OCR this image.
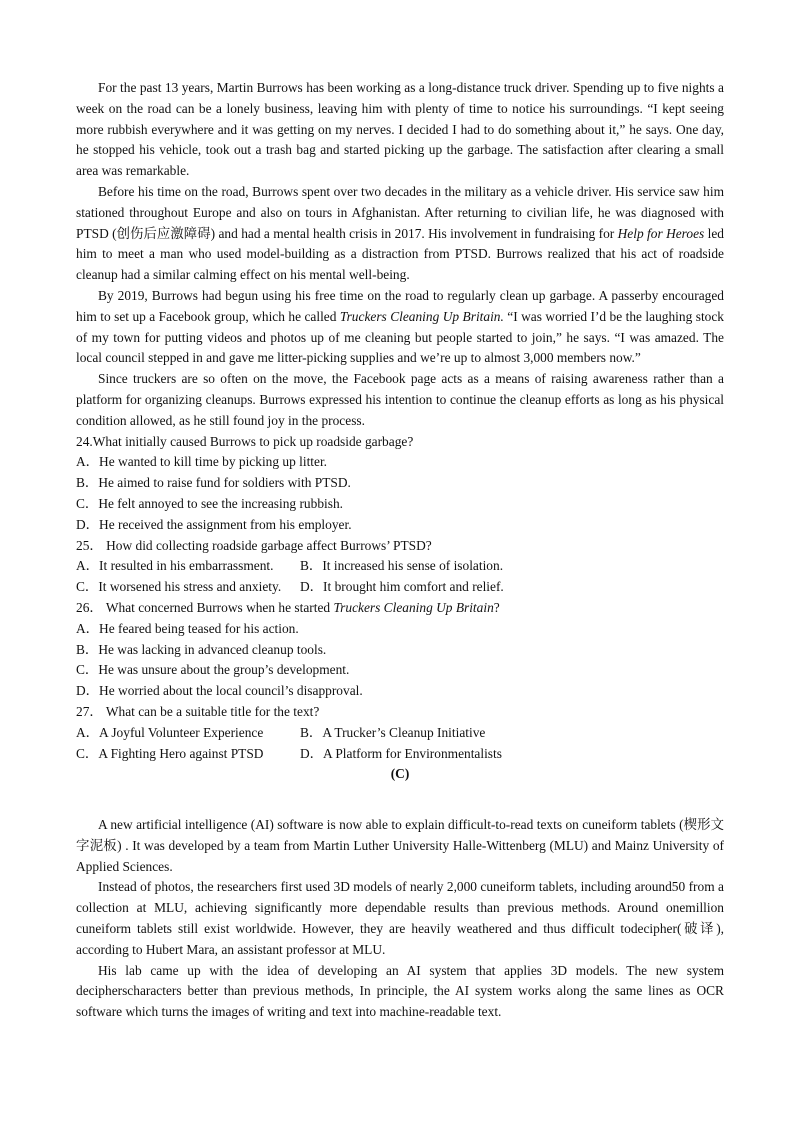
For the past 13 years, Martin Burrows has been working as a long-distance truck driver. Spending up to five nights a week on the road can be a lonely business, leaving him with plenty of time to notice his surroundings. “I kept seeing more rubbish everywhere and it was getting on my nerves. I decided I had to do something about it,” he says. One day, he stopped his vehicle, took out a trash bag and started picking up the garbage. The satisfaction after clearing a small area was remarkable.

Before his time on the road, Burrows spent over two decades in the military as a vehicle driver. His service saw him stationed throughout Europe and also on tours in Afghanistan. After returning to civilian life, he was diagnosed with PTSD (创伤后应激障碍) and had a mental health crisis in 2017. His involvement in fundraising for Help for Heroes led him to meet a man who used model-building as a distraction from PTSD. Burrows realized that his act of roadside cleanup had a similar calming effect on his mental well-being.

By 2019, Burrows had begun using his free time on the road to regularly clean up garbage. A passerby encouraged him to set up a Facebook group, which he called Truckers Cleaning Up Britain. “I was worried I’d be the laughing stock of my town for putting videos and photos up of me cleaning but people started to join,” he says. “I was amazed. The local council stepped in and gave me litter-picking supplies and we’re up to almost 3,000 members now.”

Since truckers are so often on the move, the Facebook page acts as a means of raising awareness rather than a platform for organizing cleanups. Burrows expressed his intention to continue the cleanup efforts as long as his physical condition allowed, as he still found joy in the process.

24.What initially caused Burrows to pick up roadside garbage?

A．He wanted to kill time by picking up litter.

B．He aimed to raise fund for soldiers with PTSD.

C．He felt annoyed to see the increasing rubbish.

D．He received the assignment from his employer.

25． How did collecting roadside garbage affect Burrows’ PTSD?

A．It resulted in his embarrassment.	B．It increased his sense of isolation.
C．It worsened his stress and anxiety.	D．It brought him comfort and relief.

26． What concerned Burrows when he started Truckers Cleaning Up Britain?

A．He feared being teased for his action.

B．He was lacking in advanced cleanup tools.

C．He was unsure about the group’s development.

D．He worried about the local council’s disapproval.

27． What can be a suitable title for the text?

A．A Joyful Volunteer Experience	B．A Trucker’s Cleanup Initiative
C．A Fighting Hero against PTSD	D．A Platform for Environmentalists

(C)

A new artificial intelligence (AI) software is now able to explain difficult-to-read texts on cuneiform tablets (楔形文字泥板) . It was developed by a team from Martin Luther University Halle-Wittenberg (MLU) and Mainz University of Applied Sciences.

Instead of photos, the researchers first used 3D models of nearly 2,000 cuneiform tablets, including around50 from a collection at MLU, achieving significantly more dependable results than previous methods. Around onemillion cuneiform tablets still exist worldwide. However, they are heavily weathered and thus difficult todecipher(破译), according to Hubert Mara, an assistant professor at MLU.

His lab came up with the idea of developing an AI system that applies 3D models. The new system decipherscharacters better than previous methods, In principle, the AI system works along the same lines as OCR software which turns the images of writing and text into machine-readable text.
